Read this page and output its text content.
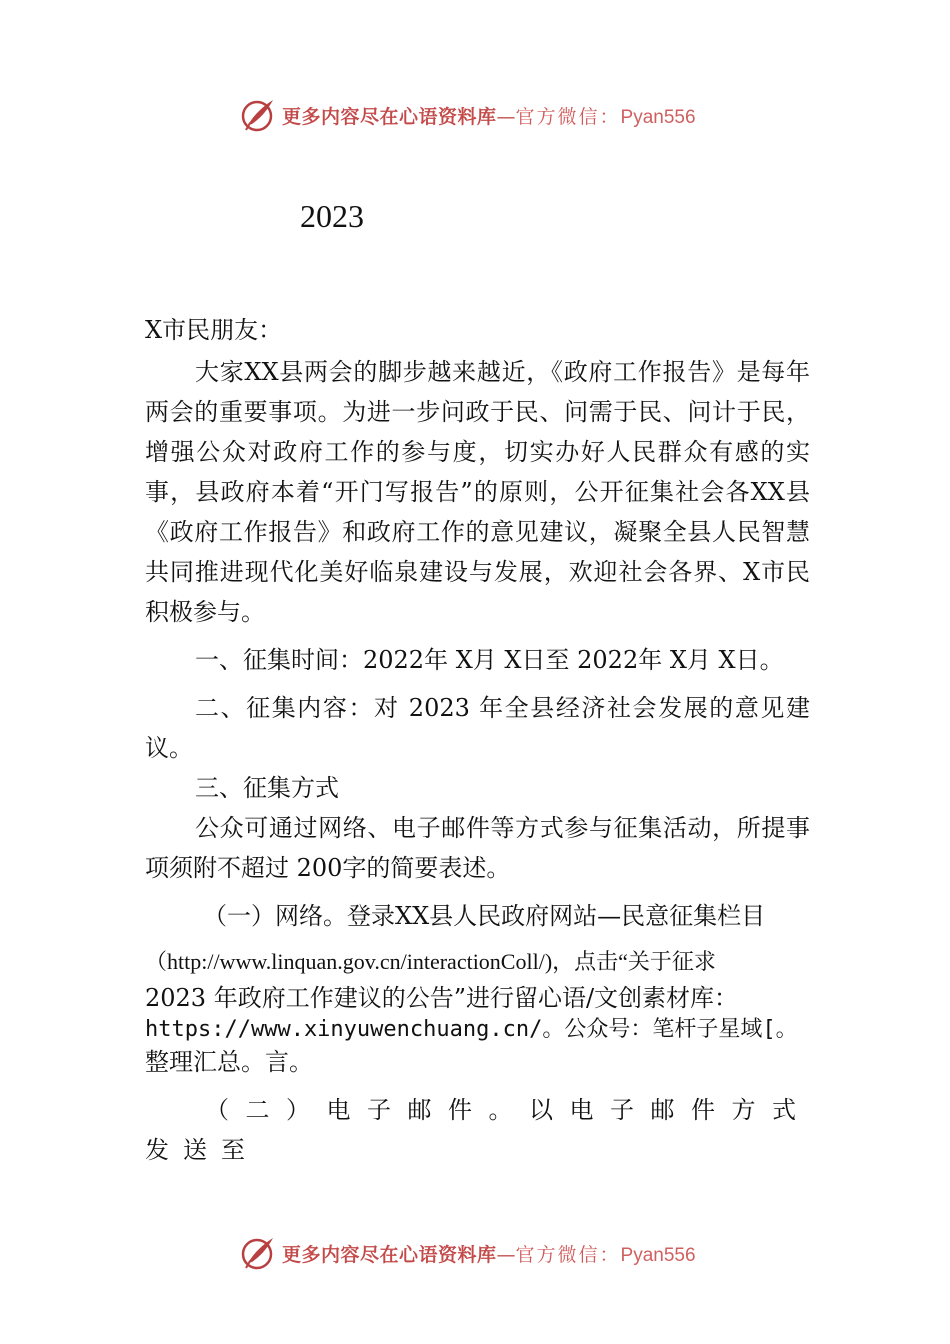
更多内容尽在心语资料库—官方微信：Pyan556
2023

X市民朋友：

大家XX县两会的脚步越来越近，《政府工作报告》是每年两会的重要事项。为进一步问政于民、问需于民、问计于民，增强公众对政府工作的参与度，切实办好人民群众有感的实事，县政府本着“开门写报告”的原则，公开征集社会各XX县《政府工作报告》和政府工作的意见建议，凝聚全县人民智慧共同推进现代化美好临泉建设与发展，欢迎社会各界、X市民积极参与。

一、征集时间：2022年 X月 X日至 2022年 X月 X日。

二、征集内容：对 2023 年全县经济社会发展的意见建议。

三、征集方式

公众可通过网络、电子邮件等方式参与征集活动，所提事项须附不超过 200字的简要表述。

（一）网络。登录XX县人民政府网站—民意征集栏目

（http://www.linquan.gov.cn/interactionColl/)，点击“关于征求

2023 年政府工作建议的公告”进行留心语/文创素材库：

https://www.xinyuwenchuang.cn/。公众号：笔杆子星域[。

整理汇总。言。

（二）电子邮件。以电子邮件方式发送至

更多内容尽在心语资料库—官方微信：Pyan556
